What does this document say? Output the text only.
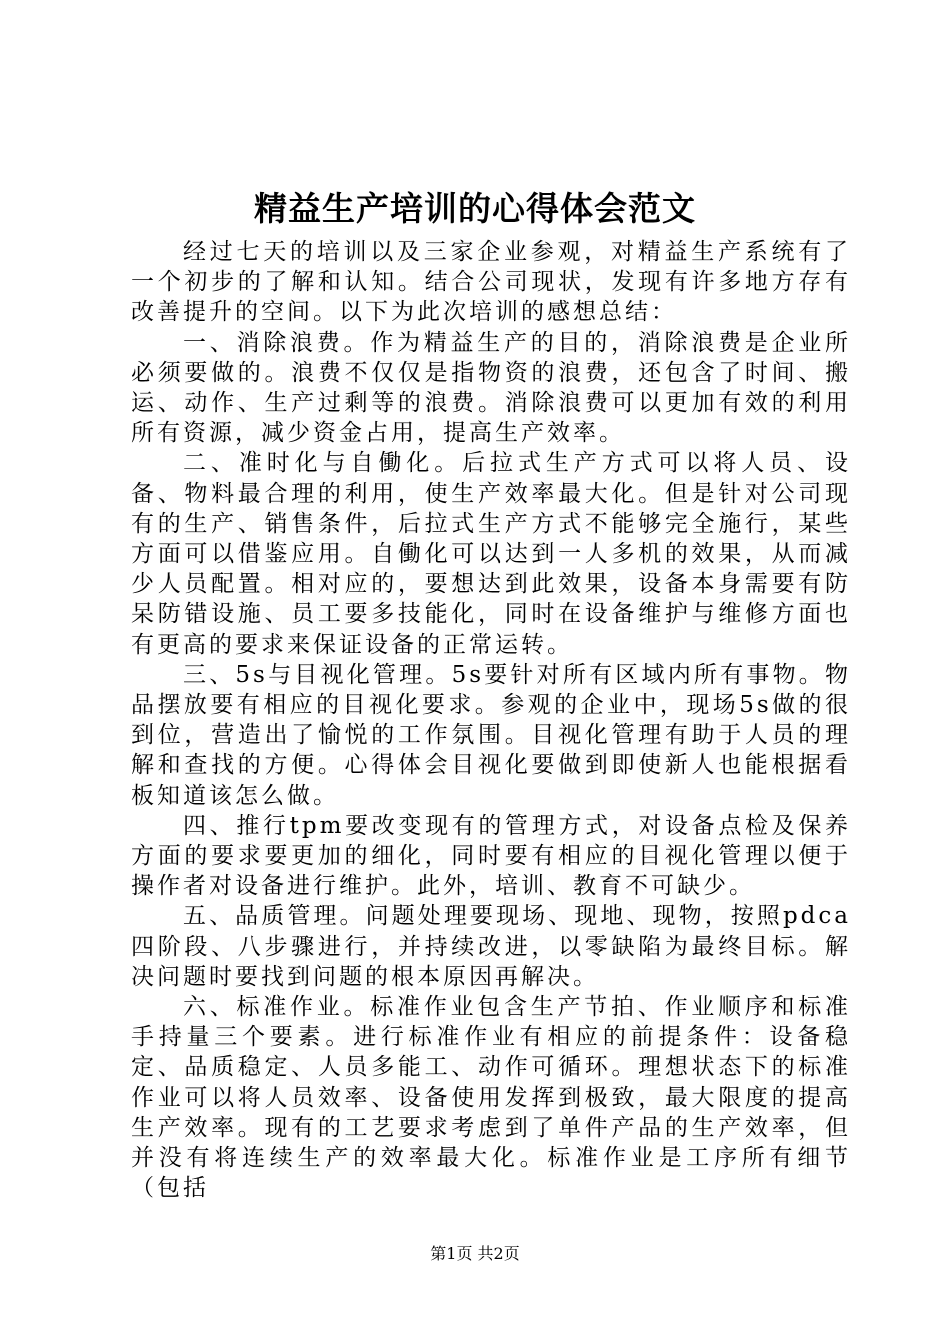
精益生产培训的心得体会范文

经过七天的培训以及三家企业参观，对精益生产系统有了一个初步的了解和认知。结合公司现状，发现有许多地方存有改善提升的空间。以下为此次培训的感想总结：

一、消除浪费。作为精益生产的目的，消除浪费是企业所必须要做的。浪费不仅仅是指物资的浪费，还包含了时间、搬运、动作、生产过剩等的浪费。消除浪费可以更加有效的利用所有资源，减少资金占用，提高生产效率。

二、准时化与自働化。后拉式生产方式可以将人员、设备、物料最合理的利用，使生产效率最大化。但是针对公司现有的生产、销售条件，后拉式生产方式不能够完全施行，某些方面可以借鉴应用。自働化可以达到一人多机的效果，从而减少人员配置。相对应的，要想达到此效果，设备本身需要有防呆防错设施、员工要多技能化，同时在设备维护与维修方面也有更高的要求来保证设备的正常运转。

三、5s与目视化管理。5s要针对所有区域内所有事物。物品摆放要有相应的目视化要求。参观的企业中，现场5s做的很到位，营造出了愉悦的工作氛围。目视化管理有助于人员的理解和查找的方便。心得体会目视化要做到即使新人也能根据看板知道该怎么做。

四、推行tpm要改变现有的管理方式，对设备点检及保养方面的要求要更加的细化，同时要有相应的目视化管理以便于操作者对设备进行维护。此外，培训、教育不可缺少。

五、品质管理。问题处理要现场、现地、现物，按照pdca四阶段、八步骤进行，并持续改进，以零缺陷为最终目标。解决问题时要找到问题的根本原因再解决。

六、标准作业。标准作业包含生产节拍、作业顺序和标准手持量三个要素。进行标准作业有相应的前提条件：设备稳定、品质稳定、人员多能工、动作可循环。理想状态下的标准作业可以将人员效率、设备使用发挥到极致，最大限度的提高生产效率。现有的工艺要求考虑到了单件产品的生产效率，但并没有将连续生产的效率最大化。标准作业是工序所有细节（包括

第1页 共2页
